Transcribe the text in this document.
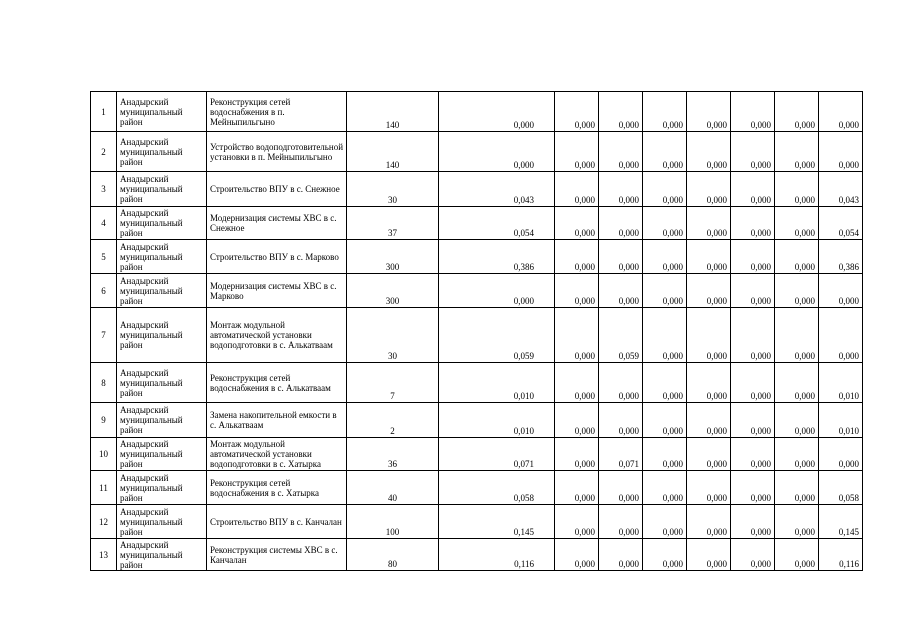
1	Анадырский муниципальный район	Реконструкция сетей водоснабжения в п. Мейныпильгыно	140	0,000	0,000	0,000	0,000	0,000	0,000	0,000	0,000
2	Анадырский муниципальный район	Устройство водоподготовительной установки в п. Мейныпильгыно	140	0,000	0,000	0,000	0,000	0,000	0,000	0,000	0,000
3	Анадырский муниципальный район	Строительство ВПУ в с. Снежное	30	0,043	0,000	0,000	0,000	0,000	0,000	0,000	0,043
4	Анадырский муниципальный район	Модернизация системы ХВС в с. Снежное	37	0,054	0,000	0,000	0,000	0,000	0,000	0,000	0,054
5	Анадырский муниципальный район	Строительство ВПУ в с. Марково	300	0,386	0,000	0,000	0,000	0,000	0,000	0,000	0,386
6	Анадырский муниципальный район	Модернизация системы ХВС в с. Марково	300	0,000	0,000	0,000	0,000	0,000	0,000	0,000	0,000
7	Анадырский муниципальный район	Монтаж модульной автоматической установки водоподготовки в с. Алькатваам	30	0,059	0,000	0,059	0,000	0,000	0,000	0,000	0,000
8	Анадырский муниципальный район	Реконструкция сетей водоснабжения в с. Алькатваам	7	0,010	0,000	0,000	0,000	0,000	0,000	0,000	0,010
9	Анадырский муниципальный район	Замена накопительной емкости в с. Алькатваам	2	0,010	0,000	0,000	0,000	0,000	0,000	0,000	0,010
10	Анадырский муниципальный район	Монтаж модульной автоматической установки водоподготовки в с. Хатырка	36	0,071	0,000	0,071	0,000	0,000	0,000	0,000	0,000
11	Анадырский муниципальный район	Реконструкция сетей водоснабжения в с. Хатырка	40	0,058	0,000	0,000	0,000	0,000	0,000	0,000	0,058
12	Анадырский муниципальный район	Строительство ВПУ в с. Канчалан	100	0,145	0,000	0,000	0,000	0,000	0,000	0,000	0,145
13	Анадырский муниципальный район	Реконструкция системы ХВС в с. Канчалан	80	0,116	0,000	0,000	0,000	0,000	0,000	0,000	0,116
